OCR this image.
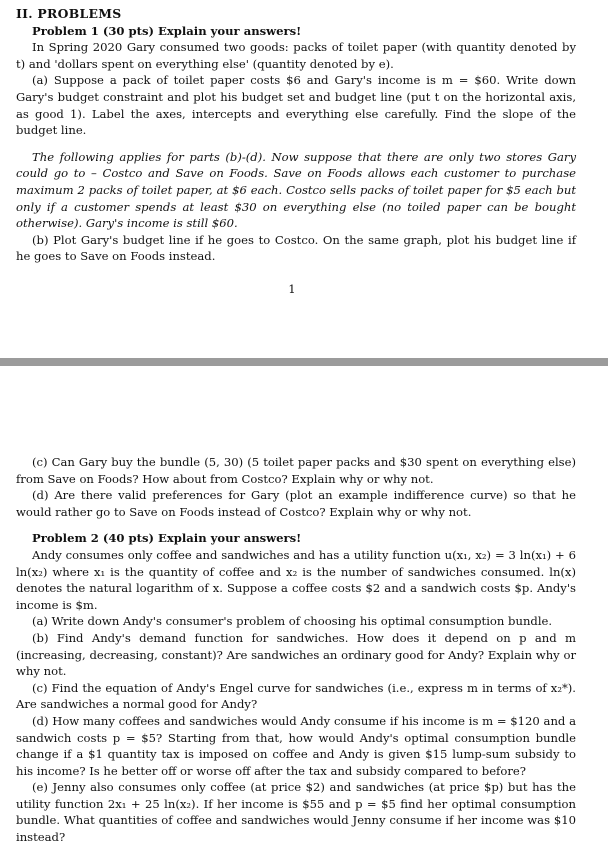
II. PROBLEMS

Problem 1 (30 pts) Explain your answers!

In Spring 2020 Gary consumed two goods: packs of toilet paper (with quantity denoted by t) and 'dollars spent on everything else' (quantity denoted by e).

(a) Suppose a pack of toilet paper costs $6 and Gary's income is m = $60. Write down Gary's budget constraint and plot his budget set and budget line (put t on the horizontal axis, as good 1). Label the axes, intercepts and everything else carefully. Find the slope of the budget line.

The following applies for parts (b)-(d). Now suppose that there are only two stores Gary could go to – Costco and Save on Foods. Save on Foods allows each customer to purchase maximum 2 packs of toilet paper, at $6 each. Costco sells packs of toilet paper for $5 each but only if a customer spends at least $30 on everything else (no toiled paper can be bought otherwise). Gary's income is still $60.

(b) Plot Gary's budget line if he goes to Costco. On the same graph, plot his budget line if he goes to Save on Foods instead.

1

(c) Can Gary buy the bundle (5, 30) (5 toilet paper packs and $30 spent on everything else) from Save on Foods? How about from Costco? Explain why or why not.

(d) Are there valid preferences for Gary (plot an example indifference curve) so that he would rather go to Save on Foods instead of Costco? Explain why or why not.

Problem 2 (40 pts) Explain your answers!

Andy consumes only coffee and sandwiches and has a utility function u(x₁, x₂) = 3 ln(x₁) + 6 ln(x₂) where x₁ is the quantity of coffee and x₂ is the number of sandwiches consumed. ln(x) denotes the natural logarithm of x. Suppose a coffee costs $2 and a sandwich costs $p. Andy's income is $m.

(a) Write down Andy's consumer's problem of choosing his optimal consumption bundle.

(b) Find Andy's demand function for sandwiches. How does it depend on p and m (increasing, decreasing, constant)? Are sandwiches an ordinary good for Andy? Explain why or why not.

(c) Find the equation of Andy's Engel curve for sandwiches (i.e., express m in terms of x₂*). Are sandwiches a normal good for Andy?

(d) How many coffees and sandwiches would Andy consume if his income is m = $120 and a sandwich costs p = $5? Starting from that, how would Andy's optimal consumption bundle change if a $1 quantity tax is imposed on coffee and Andy is given $15 lump-sum subsidy to his income? Is he better off or worse off after the tax and subsidy compared to before?

(e) Jenny also consumes only coffee (at price $2) and sandwiches (at price $p) but has the utility function 2x₁ + 25 ln(x₂). If her income is $55 and p = $5 find her optimal consumption bundle. What quantities of coffee and sandwiches would Jenny consume if her income was $10 instead?
